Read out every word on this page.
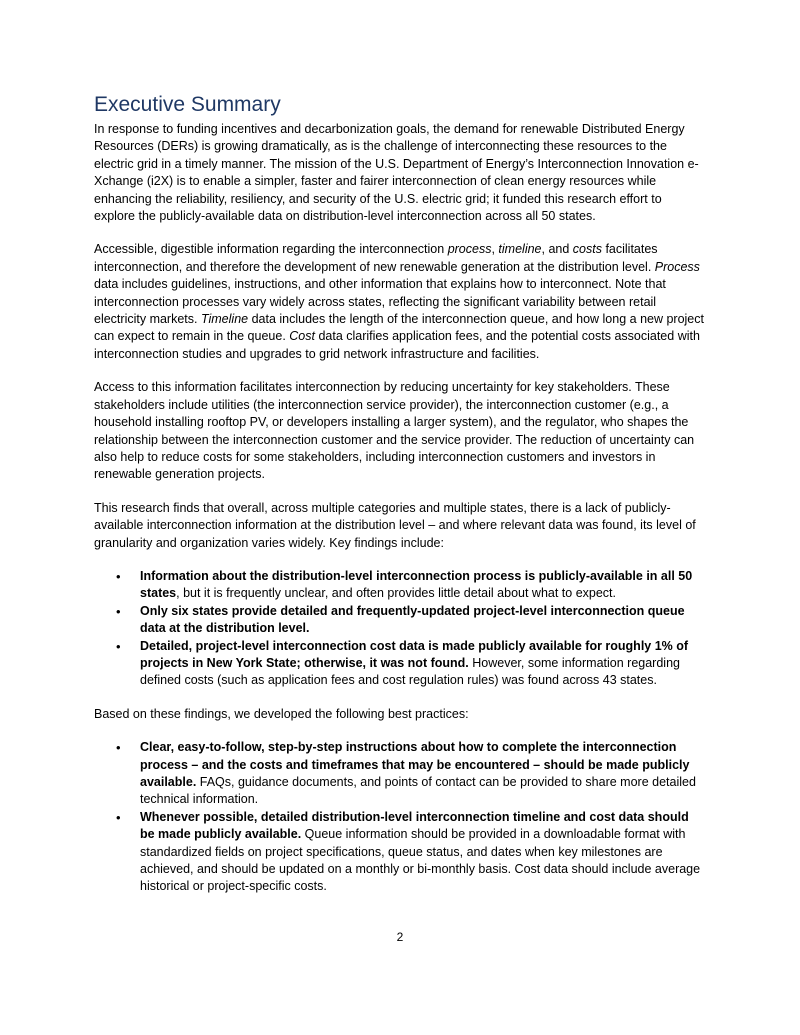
Executive Summary

In response to funding incentives and decarbonization goals, the demand for renewable Distributed Energy Resources (DERs) is growing dramatically, as is the challenge of interconnecting these resources to the electric grid in a timely manner. The mission of the U.S. Department of Energy’s Interconnection Innovation e-Xchange (i2X) is to enable a simpler, faster and fairer interconnection of clean energy resources while enhancing the reliability, resiliency, and security of the U.S. electric grid; it funded this research effort to explore the publicly-available data on distribution-level interconnection across all 50 states.

Accessible, digestible information regarding the interconnection process, timeline, and costs facilitates interconnection, and therefore the development of new renewable generation at the distribution level. Process data includes guidelines, instructions, and other information that explains how to interconnect. Note that interconnection processes vary widely across states, reflecting the significant variability between retail electricity markets. Timeline data includes the length of the interconnection queue, and how long a new project can expect to remain in the queue. Cost data clarifies application fees, and the potential costs associated with interconnection studies and upgrades to grid network infrastructure and facilities.

Access to this information facilitates interconnection by reducing uncertainty for key stakeholders. These stakeholders include utilities (the interconnection service provider), the interconnection customer (e.g., a household installing rooftop PV, or developers installing a larger system), and the regulator, who shapes the relationship between the interconnection customer and the service provider. The reduction of uncertainty can also help to reduce costs for some stakeholders, including interconnection customers and investors in renewable generation projects.

This research finds that overall, across multiple categories and multiple states, there is a lack of publicly-available interconnection information at the distribution level – and where relevant data was found, its level of granularity and organization varies widely. Key findings include:

• Information about the distribution-level interconnection process is publicly-available in all 50 states, but it is frequently unclear, and often provides little detail about what to expect.
• Only six states provide detailed and frequently-updated project-level interconnection queue data at the distribution level.
• Detailed, project-level interconnection cost data is made publicly available for roughly 1% of projects in New York State; otherwise, it was not found. However, some information regarding defined costs (such as application fees and cost regulation rules) was found across 43 states.

Based on these findings, we developed the following best practices:

• Clear, easy-to-follow, step-by-step instructions about how to complete the interconnection process – and the costs and timeframes that may be encountered – should be made publicly available. FAQs, guidance documents, and points of contact can be provided to share more detailed technical information.
• Whenever possible, detailed distribution-level interconnection timeline and cost data should be made publicly available. Queue information should be provided in a downloadable format with standardized fields on project specifications, queue status, and dates when key milestones are achieved, and should be updated on a monthly or bi-monthly basis. Cost data should include average historical or project-specific costs.
2
